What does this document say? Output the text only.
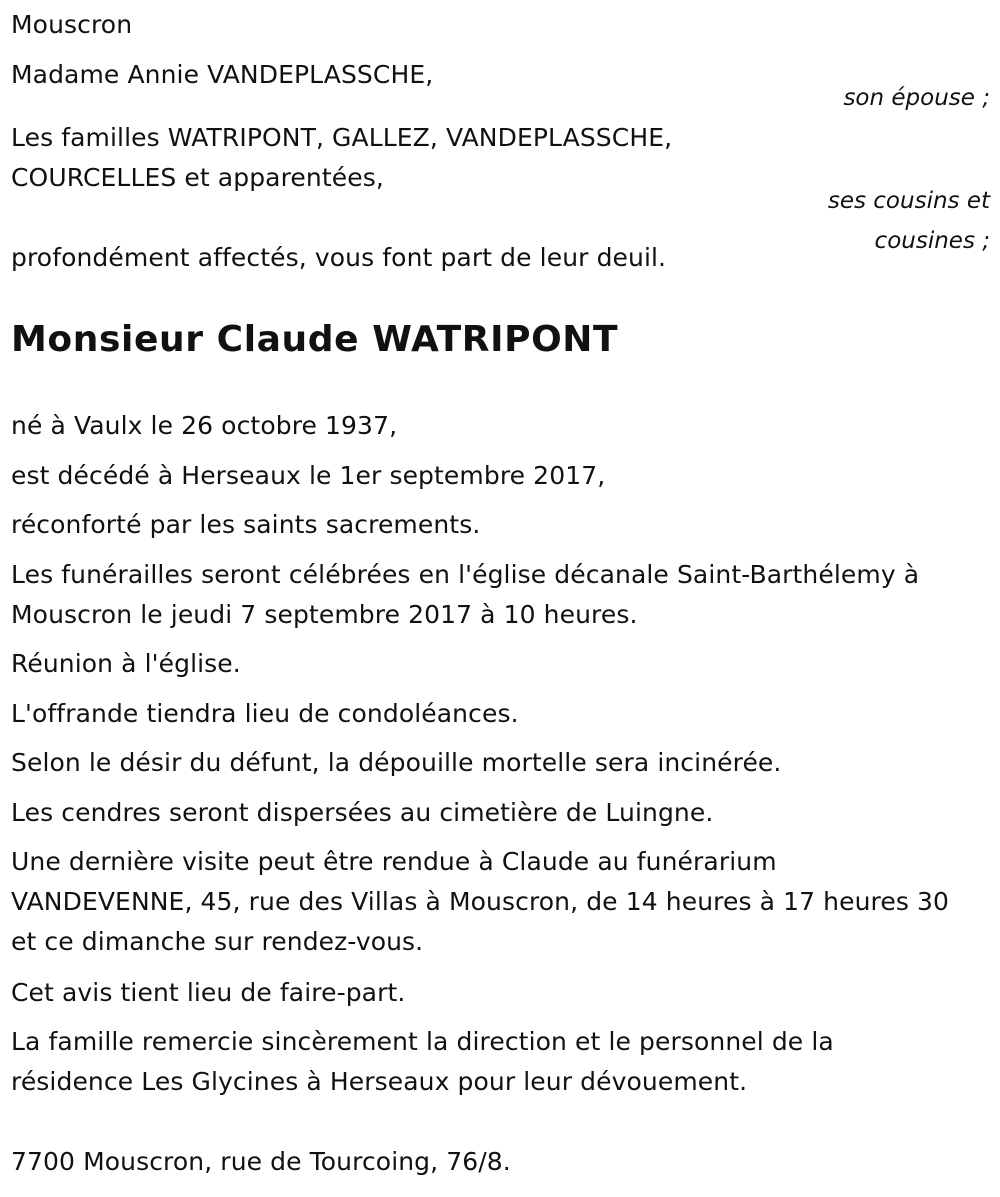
Mouscron
Madame Annie VANDEPLASSCHE,
son épouse ;
Les familles WATRIPONT, GALLEZ, VANDEPLASSCHE,
COURCELLES et apparentées,
ses cousins et
cousines ;
profondément affectés, vous font part de leur deuil.
Monsieur Claude WATRIPONT
né à Vaulx le 26 octobre 1937,
est décédé à Herseaux le 1er septembre 2017,
réconforté par les saints sacrements.
Les funérailles seront célébrées en l'église décanale Saint-Barthélemy à
Mouscron le jeudi 7 septembre 2017 à 10 heures.
Réunion à l'église.
L'offrande tiendra lieu de condoléances.
Selon le désir du défunt, la dépouille mortelle sera incinérée.
Les cendres seront dispersées au cimetière de Luingne.
Une dernière visite peut être rendue à Claude au funérarium
VANDEVENNE, 45, rue des Villas à Mouscron, de 14 heures à 17 heures 30
et ce dimanche sur rendez-vous.
Cet avis tient lieu de faire-part.
La famille remercie sincèrement la direction et le personnel de la
résidence Les Glycines à Herseaux pour leur dévouement.
7700 Mouscron, rue de Tourcoing, 76/8.
